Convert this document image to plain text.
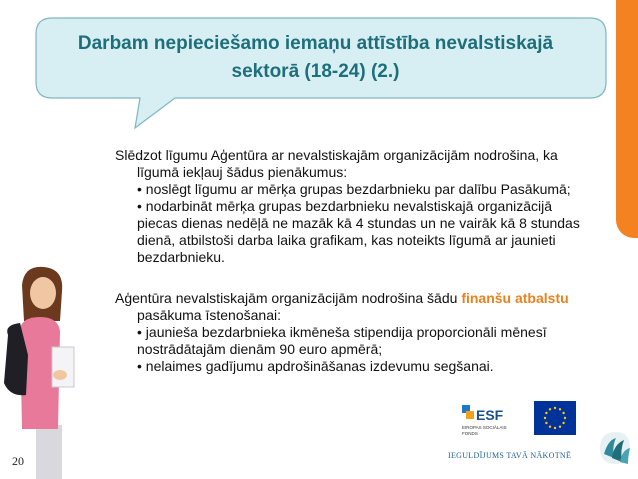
Darbam nepieciešamo iemaņu attīstība nevalstiskajā
sektorā (18-24) (2.)
Slēdzot līgumu Aģentūra ar nevalstiskajām organizācijām nodrošina, ka
līgumā iekļauj šādus pienākumus:
• noslēgt līgumu ar mērķa grupas bezdarbnieku par dalību Pasākumā;
• nodarbināt mērķa grupas bezdarbnieku nevalstiskajā organizācijā
piecas dienas nedēļā ne mazāk kā 4 stundas un ne vairāk kā 8 stundas
dienā, atbilstoši darba laika grafikam, kas noteikts līgumā ar jaunieti
bezdarbnieku.
Aģentūra nevalstiskajām organizācijām nodrošina šādu finanšu atbalstu
pasākuma īstenošanai:
• jaunieša bezdarbnieka ikmēneša stipendija proporcionāli mēnesī
nostrādātajām dienām 90 euro apmērā;
• nelaimes gadījumu apdrošināšanas izdevumu segšanai.
20
ESF
EIROPAS SOCIĀLAIS
FONDS
IEGULDĪJUMS TAVĀ NĀKOTNĒ
